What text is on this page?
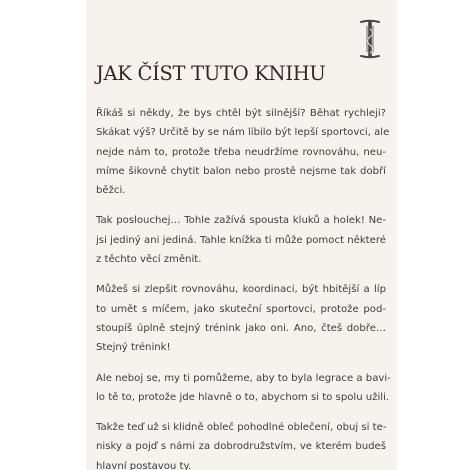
JAK ČÍST TUTO KNIHU

Říkáš si někdy, že bys chtěl být silnější? Běhat rychleji?
Skákat výš? Určitě by se nám líbilo být lepší sportovci, ale
nejde nám to, protože třeba neudržíme rovnováhu, neu-
míme šikovně chytit balon nebo prostě nejsme tak dobří
běžci.

Tak poslouchej… Tohle zažívá spousta kluků a holek! Ne-
jsi jediný ani jediná. Tahle knížka ti může pomoct některé
z těchto věcí změnit.

Můžeš si zlepšit rovnováhu, koordinaci, být hbitější a líp
to umět s míčem, jako skuteční sportovci, protože pod-
stoupíš úplně stejný trénink jako oni. Ano, čteš dobře…
Stejný trénink!

Ale neboj se, my ti pomůžeme, aby to byla legrace a bavi-
lo tě to, protože jde hlavně o to, abychom si to spolu užili.

Takže teď už si klidně obleč pohodlné oblečení, obuj si te-
nisky a pojď s námi za dobrodružstvím, ve kterém budeš
hlavní postavou ty.
